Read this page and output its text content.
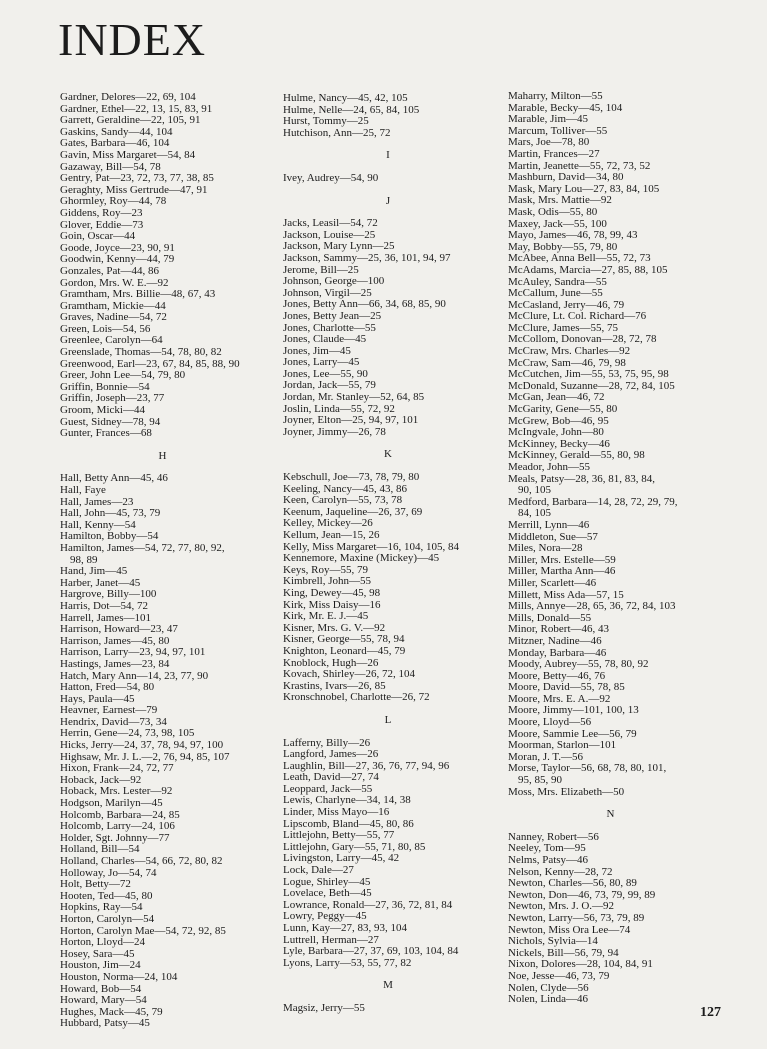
INDEX
Gardner, Delores—22, 69, 104
Gardner, Ethel—22, 13, 15, 83, 91
Garrett, Geraldine—22, 105, 91
Gaskins, Sandy—44, 104
Gates, Barbara—46, 104
Gavin, Miss Margaret—54, 84
Gazaway, Bill—54, 78
Gentry, Pat—23, 72, 73, 77, 38, 85
Geraghty, Miss Gertrude—47, 91
Ghormley, Roy—44, 78
Giddens, Roy—23
Glover, Eddie—73
Goin, Oscar—44
Goode, Joyce—23, 90, 91
Goodwin, Kenny—44, 79
Gonzales, Pat—44, 86
Gordon, Mrs. W. E.—92
Gramtham, Mrs. Billie—48, 67, 43
Gramtham, Mickie—44
Graves, Nadine—54, 72
Green, Lois—54, 56
Greenlee, Carolyn—64
Greenslade, Thomas—54, 78, 80, 82
Greenwood, Earl—23, 67, 84, 85, 88, 90
Greer, John Lee—54, 79, 80
Griffin, Bonnie—54
Griffin, Joseph—23, 77
Groom, Micki—44
Guest, Sidney—78, 94
Gunter, Frances—68
H
Hall, Betty Ann—45, 46
Hall, Faye
Hall, James—23
Hall, John—45, 73, 79
Hall, Kenny—54
Hamilton, Bobby—54
Hamilton, James—54, 72, 77, 80, 92,
98, 89
Hand, Jim—45
Harber, Janet—45
Hargrove, Billy—100
Harris, Dot—54, 72
Harrell, James—101
Harrison, Howard—23, 47
Harrison, James—45, 80
Harrison, Larry—23, 94, 97, 101
Hastings, James—23, 84
Hatch, Mary Ann—14, 23, 77, 90
Hatton, Fred—54, 80
Hays, Paula—45
Heavner, Earnest—79
Hendrix, David—73, 34
Herrin, Gene—24, 73, 98, 105
Hicks, Jerry—24, 37, 78, 94, 97, 100
Highsaw, Mr. J. L.—2, 76, 94, 85, 107
Hixon, Frank—24, 72, 77
Hoback, Jack—92
Hoback, Mrs. Lester—92
Hodgson, Marilyn—45
Holcomb, Barbara—24, 85
Holcomb, Larry—24, 106
Holder, Sgt. Johnny—77
Holland, Bill—54
Holland, Charles—54, 66, 72, 80, 82
Holloway, Jo—54, 74
Holt, Betty—72
Hooten, Ted—45, 80
Hopkins, Ray—54
Horton, Carolyn—54
Horton, Carolyn Mae—54, 72, 92, 85
Horton, Lloyd—24
Hosey, Sara—45
Houston, Jim—24
Houston, Norma—24, 104
Howard, Bob—54
Howard, Mary—54
Hughes, Mack—45, 79
Hubbard, Patsy—45
Hulme, Nancy—45, 42, 105
Hulme, Nelle—24, 65, 84, 105
Hurst, Tommy—25
Hutchison, Ann—25, 72
I
Ivey, Audrey—54, 90
J
Jacks, Leasil—54, 72
Jackson, Louise—25
Jackson, Mary Lynn—25
Jackson, Sammy—25, 36, 101, 94, 97
Jerome, Bill—25
Johnson, George—100
Johnson, Virgil—25
Jones, Betty Ann—66, 34, 68, 85, 90
Jones, Betty Jean—25
Jones, Charlotte—55
Jones, Claude—45
Jones, Jim—45
Jones, Larry—45
Jones, Lee—55, 90
Jordan, Jack—55, 79
Jordan, Mr. Stanley—52, 64, 85
Joslin, Linda—55, 72, 92
Joyner, Elton—25, 94, 97, 101
Joyner, Jimmy—26, 78
K
Kebschull, Joe—73, 78, 79, 80
Keeling, Nancy—45, 43, 86
Keen, Carolyn—55, 73, 78
Keenum, Jaqueline—26, 37, 69
Kelley, Mickey—26
Kellum, Jean—15, 26
Kelly, Miss Margaret—16, 104, 105, 84
Kennemore, Maxine (Mickey)—45
Keys, Roy—55, 79
Kimbrell, John—55
King, Dewey—45, 98
Kirk, Miss Daisy—16
Kirk, Mr. E. J.—45
Kisner, Mrs. G. V.—92
Kisner, George—55, 78, 94
Knighton, Leonard—45, 79
Knoblock, Hugh—26
Kovach, Shirley—26, 72, 104
Krastins, Ivars—26, 85
Kronschnobel, Charlotte—26, 72
L
Lafferny, Billy—26
Langford, James—26
Laughlin, Bill—27, 36, 76, 77, 94, 96
Leath, David—27, 74
Leoppard, Jack—55
Lewis, Charlyne—34, 14, 38
Linder, Miss Mayo—16
Lipscomb, Bland—45, 80, 86
Littlejohn, Betty—55, 77
Littlejohn, Gary—55, 71, 80, 85
Livingston, Larry—45, 42
Lock, Dale—27
Logue, Shirley—45
Lovelace, Beth—45
Lowrance, Ronald—27, 36, 72, 81, 84
Lowry, Peggy—45
Lunn, Kay—27, 83, 93, 104
Luttrell, Herman—27
Lyle, Barbara—27, 37, 69, 103, 104, 84
Lyons, Larry—53, 55, 77, 82
M
Magsiz, Jerry—55
Maharry, Milton—55
Marable, Becky—45, 104
Marable, Jim—45
Marcum, Tolliver—55
Mars, Joe—78, 80
Martin, Frances—27
Martin, Jeanette—55, 72, 73, 52
Mashburn, David—34, 80
Mask, Mary Lou—27, 83, 84, 105
Mask, Mrs. Mattie—92
Mask, Odis—55, 80
Maxey, Jack—55, 100
Mayo, James—46, 78, 99, 43
May, Bobby—55, 79, 80
McAbee, Anna Bell—55, 72, 73
McAdams, Marcia—27, 85, 88, 105
McAuley, Sandra—55
McCallum, June—55
McCasland, Jerry—46, 79
McClure, Lt. Col. Richard—76
McClure, James—55, 75
McCollom, Donovan—28, 72, 78
McCraw, Mrs. Charles—92
McCraw, Sam—46, 79, 98
McCutchen, Jim—55, 53, 75, 95, 98
McDonald, Suzanne—28, 72, 84, 105
McGan, Jean—46, 72
McGarity, Gene—55, 80
McGrew, Bob—46, 95
McIngvale, John—80
McKinney, Becky—46
McKinney, Gerald—55, 80, 98
Meador, John—55
Meals, Patsy—28, 36, 81, 83, 84,
90, 105
Medford, Barbara—14, 28, 72, 29, 79,
84, 105
Merrill, Lynn—46
Middleton, Sue—57
Miles, Nora—28
Miller, Mrs. Estelle—59
Miller, Martha Ann—46
Miller, Scarlett—46
Millett, Miss Ada—57, 15
Mills, Annye—28, 65, 36, 72, 84, 103
Mills, Donald—55
Minor, Robert—46, 43
Mitzner, Nadine—46
Monday, Barbara—46
Moody, Aubrey—55, 78, 80, 92
Moore, Betty—46, 76
Moore, David—55, 78, 85
Moore, Mrs. E. A.—92
Moore, Jimmy—101, 100, 13
Moore, Lloyd—56
Moore, Sammie Lee—56, 79
Moorman, Starlon—101
Moran, J. T.—56
Morse, Taylor—56, 68, 78, 80, 101,
95, 85, 90
Moss, Mrs. Elizabeth—50
N
Nanney, Robert—56
Neeley, Tom—95
Nelms, Patsy—46
Nelson, Kenny—28, 72
Newton, Charles—56, 80, 89
Newton, Don—46, 73, 79, 99, 89
Newton, Mrs. J. O.—92
Newton, Larry—56, 73, 79, 89
Newton, Miss Ora Lee—74
Nichols, Sylvia—14
Nickels, Bill—56, 79, 94
Nixon, Dolores—28, 104, 84, 91
Noe, Jesse—46, 73, 79
Nolen, Clyde—56
Nolen, Linda—46
127
